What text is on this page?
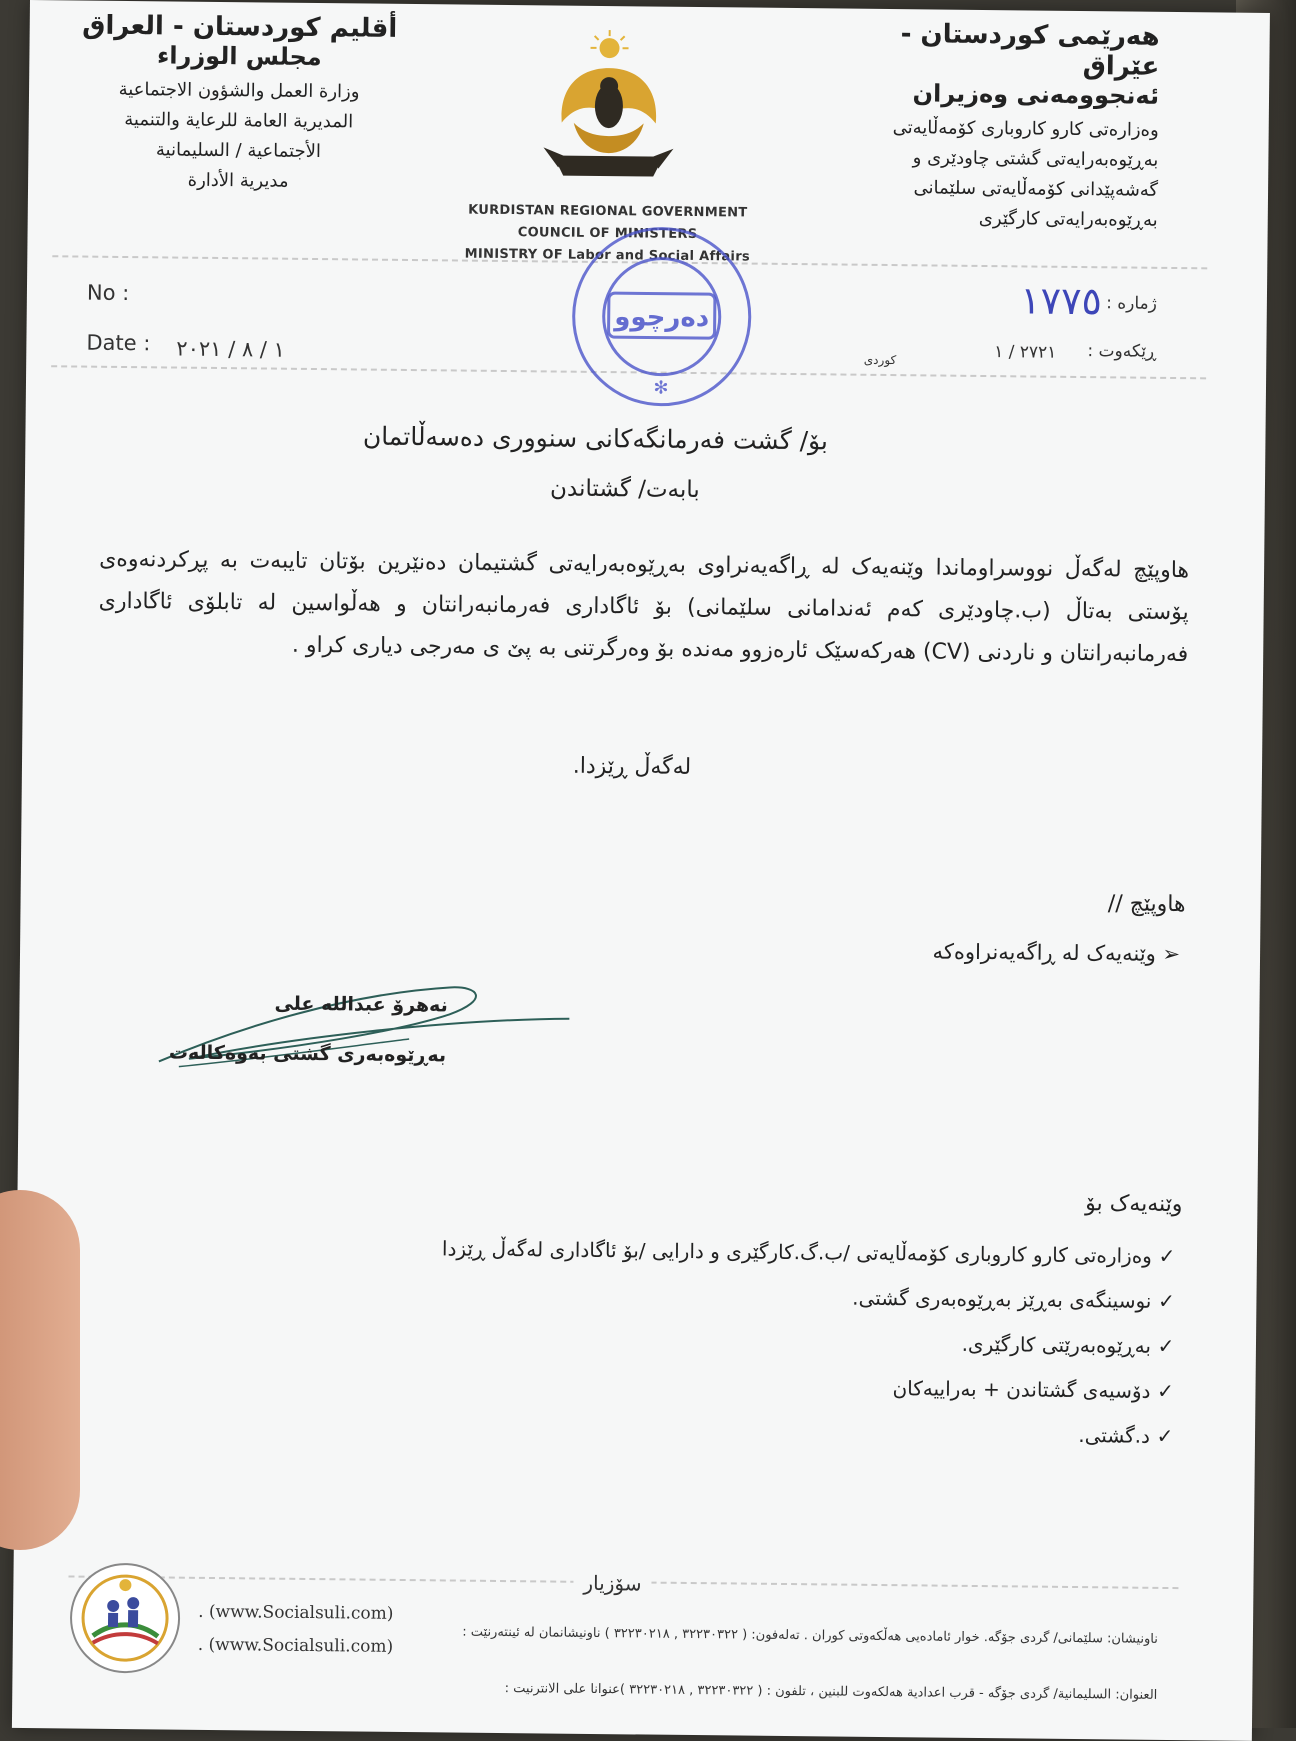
هەرێمی کوردستان - عێراق
ئەنجوومەنی وەزیران
وەزارەتی کارو کاروباری کۆمەڵایەتی
بەڕێوەبەرایەتی گشتی چاودێری و
گەشەپێدانی کۆمەڵایەتی سلێمانی
بەڕێوەبەرایەتی کارگێری
أقليم كوردستان - العراق
مجلس الوزراء
وزارة العمل والشؤون الاجتماعية
المديرية العامة للرعاية والتنمية
الأجتماعية / السليمانية
مديرية الأدارة
KURDISTAN REGIONAL GOVERNMENT
COUNCIL OF MINISTERS
MINISTRY OF Labor and Social Affairs
No :
Date : ١ / ٨ / ٢٠٢١
ژمارە :
١٧٧٥
ڕێکەوت :
٢٧٢١ / ١
کوردی
دەرچوو
✻
بۆ/ گشت فەرمانگەکانی سنووری دەسەڵاتمان
بابەت/ گشتاندن
هاوپێچ لەگەڵ نووسراوماندا وێنەیەک لە ڕاگەیەنراوی بەڕێوەبەرایەتی گشتیمان دەنێرین بۆتان تایبەت بە پڕکردنەوەی پۆستی بەتاڵ (ب.چاودێری کەم ئەندامانی سلێمانی) بۆ ئاگاداری فەرمانبەرانتان و هەڵواسین لە تابلۆی ئاگاداری فەرمانبەرانتان و ناردنی (CV) هەرکەسێک ئارەزوو مەندە بۆ وەرگرتنی بە پێ ی مەرجی دیاری کراو .
لەگەڵ ڕێزدا.
هاوپێچ //
➢ وێنەیەک لە ڕاگەیەنراوەکە
نەهرۆ عبداللە علی
بەڕێوەبەری گشتی بەوەکالەت
وێنەیەک بۆ
✓وەزارەتی کارو کاروباری کۆمەڵایەتی /ب.گ.کارگێری و دارایی /بۆ ئاگاداری لەگەڵ ڕێزدا
✓نوسینگەی بەڕێز بەڕێوەبەری گشتی.
✓بەڕێوەبەرێتی کارگێری.
✓دۆسیەی گشتاندن + بەراییەکان
✓د.گشتی.
سۆزیار
. (www.Socialsuli.com)
. (www.Socialsuli.com)
ناونیشان: سلێمانی/ گردی جۆگە. خوار ئامادەیی هەڵکەوتی کوران . تەلەفون: ( ٣٢٢٣٠٣٢٢ , ٣٢٢٣٠٢١٨ ) ناونیشانمان لە ئینتەرنێت :
العنوان: السليمانية/ گردی جۆگە - قرب اعدادية هەلكەوت للبنين ، تلفون : ( ٣٢٢٣٠٣٢٢ , ٣٢٢٣٠٢١٨ )عنوانا على الانترنيت :
